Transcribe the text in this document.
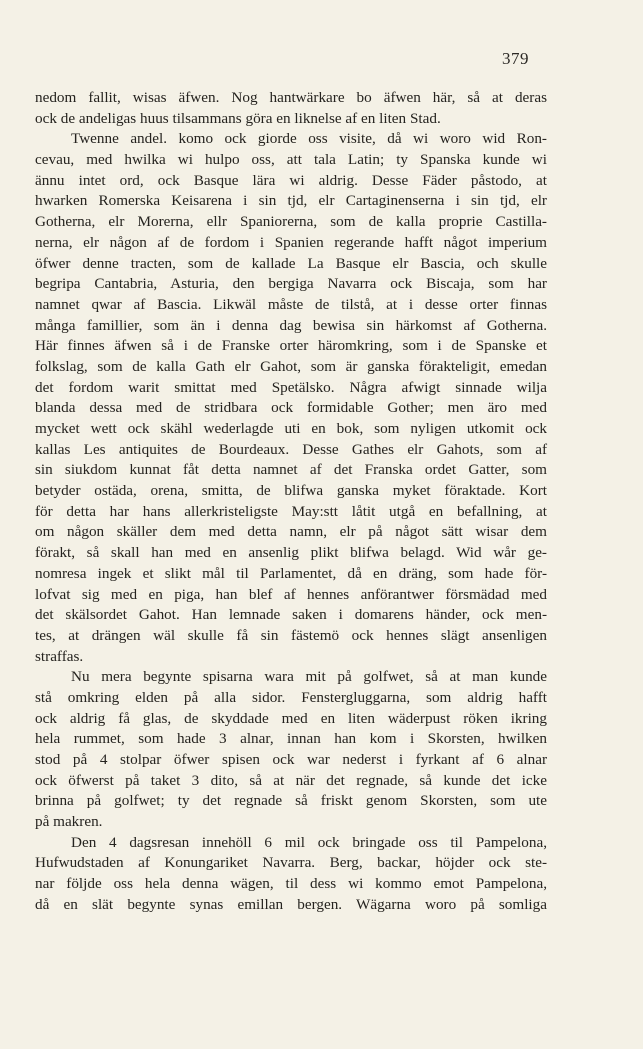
379
nedom fallit, wisas äfwen. Nog hantwärkare bo äfwen här, så at deras
ock de andeligas huus tilsammans göra en liknelse af en liten Stad.
Twenne andel. komo ock giorde oss visite, då wi woro wid Ron-
cevau, med hwilka wi hulpo oss, att tala Latin; ty Spanska kunde wi
ännu intet ord, ock Basque lära wi aldrig. Desse Fäder påstodo, at
hwarken Romerska Keisarena i sin tjd, elr Cartaginenserna i sin tjd, elr
Gotherna, elr Morerna, ellr Spaniorerna, som de kalla proprie Castilla-
nerna, elr någon af de fordom i Spanien regerande hafft något imperium
öfwer denne tracten, som de kallade La Basque elr Bascia, och skulle
begripa Cantabria, Asturia, den bergiga Navarra ock Biscaja, som har
namnet qwar af Bascia. Likwäl måste de tilstå, at i desse orter finnas
många famillier, som än i denna dag bewisa sin härkomst af Gotherna.
Här finnes äfwen så i de Franske orter häromkring, som i de Spanske et
folkslag, som de kalla Gath elr Gahot, som är ganska förakteligit, emedan
det fordom warit smittat med Spetälsko. Några afwigt sinnade wilja
blanda dessa med de stridbara ock formidable Gother; men äro med
mycket wett ock skähl wederlagde uti en bok, som nyligen utkomit ock
kallas Les antiquites de Bourdeaux. Desse Gathes elr Gahots, som af
sin siukdom kunnat fåt detta namnet af det Franska ordet Gatter, som
betyder ostäda, orena, smitta, de blifwa ganska myket föraktade. Kort
för detta har hans allerkristeligste May:stt låtit utgå en befallning, at
om någon skäller dem med detta namn, elr på något sätt wisar dem
förakt, så skall han med en ansenlig plikt blifwa belagd. Wid wår ge-
nomresa ingek et slikt mål til Parlamentet, då en dräng, som hade för-
lofvat sig med en piga, han blef af hennes anförantwer försmädad med
det skälsordet Gahot. Han lemnade saken i domarens händer, ock men-
tes, at drängen wäl skulle få sin fästemö ock hennes slägt ansenligen
straffas.
Nu mera begynte spisarna wara mit på golfwet, så at man kunde
stå omkring elden på alla sidor. Fenstergluggarna, som aldrig hafft
ock aldrig få glas, de skyddade med en liten wäderpust röken ikring
hela rummet, som hade 3 alnar, innan han kom i Skorsten, hwilken
stod på 4 stolpar öfwer spisen ock war nederst i fyrkant af 6 alnar
ock öfwerst på taket 3 dito, så at när det regnade, så kunde det icke
brinna på golfwet; ty det regnade så friskt genom Skorsten, som ute
på makren.
Den 4 dagsresan innehöll 6 mil ock bringade oss til Pampelona,
Hufwudstaden af Konungariket Navarra. Berg, backar, höjder ock ste-
nar följde oss hela denna wägen, til dess wi kommo emot Pampelona,
då en slät begynte synas emillan bergen. Wägarna woro på somliga
